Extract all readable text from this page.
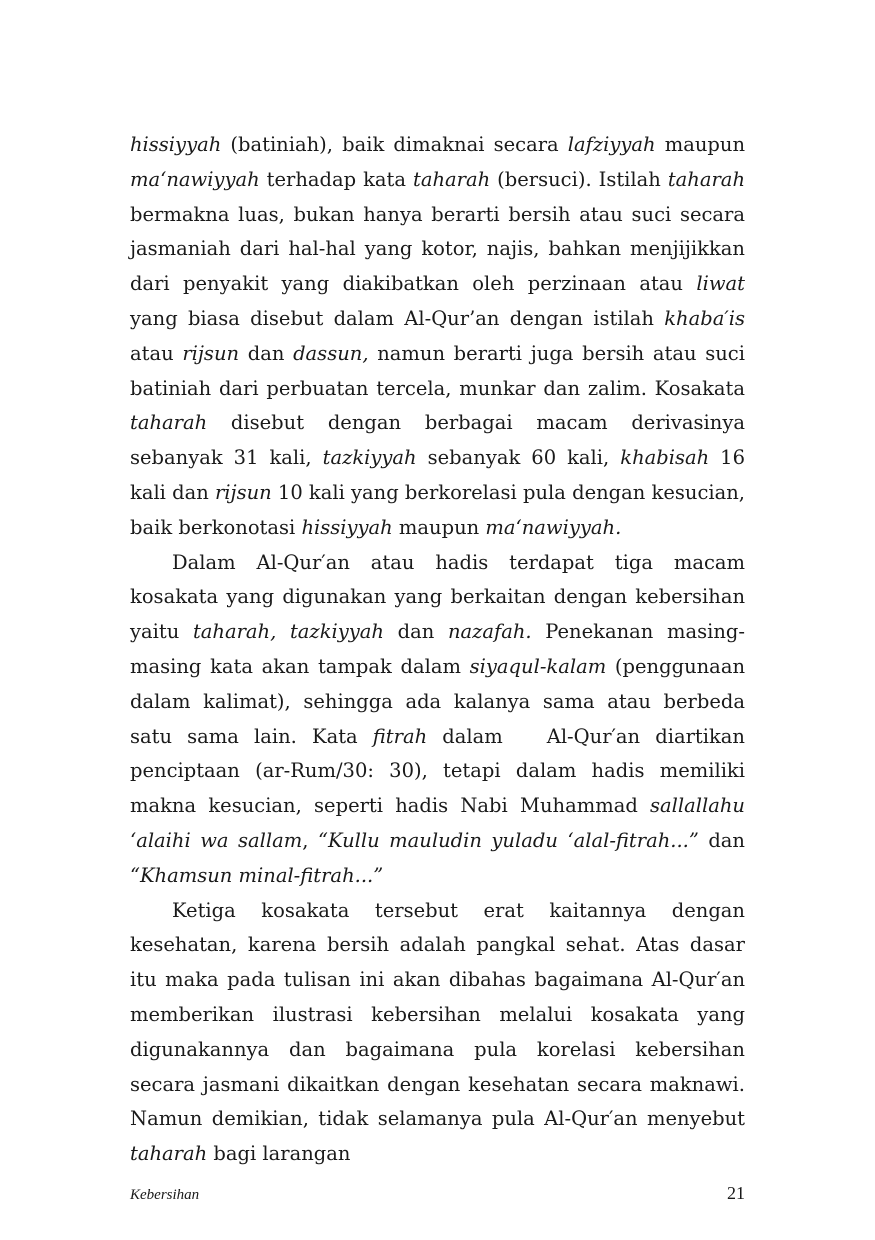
hissiyyah (batiniah), baik dimaknai secara lafziyyah maupun ma‘nawiyyah terhadap kata taharah (bersuci). Istilah taharah bermakna luas, bukan hanya berarti bersih atau suci secara jasmaniah dari hal-hal yang kotor, najis, bahkan menjijikkan dari penyakit yang diakibatkan oleh perzinaan atau liwat yang biasa disebut dalam Al-Qur’an dengan istilah khaba′is atau rijsun dan dassun, namun berarti juga bersih atau suci batiniah dari perbuatan tercela, munkar dan zalim. Kosakata taharah disebut dengan berbagai macam derivasinya sebanyak 31 kali, tazkiyyah sebanyak 60 kali, khabisah 16 kali dan rijsun 10 kali yang berkorelasi pula dengan kesucian, baik berkonotasi hissiyyah maupun ma‘nawiyyah.

Dalam Al-Qur′an atau hadis terdapat tiga macam kosakata yang digunakan yang berkaitan dengan kebersihan yaitu taharah, tazkiyyah dan nazafah. Penekanan masing-masing kata akan tampak dalam siyaqul-kalam (penggunaan dalam kalimat), sehingga ada kalanya sama atau berbeda satu sama lain. Kata fitrah dalam Al-Qur′an diartikan penciptaan (ar-Rum/30: 30), tetapi dalam hadis memiliki makna kesucian, seperti hadis Nabi Muhammad sallallahu ‘alaihi wa sallam, “Kullu mauludin yuladu ‘alal-fitrah...” dan “Khamsun minal-fitrah...”

Ketiga kosakata tersebut erat kaitannya dengan kesehatan, karena bersih adalah pangkal sehat. Atas dasar itu maka pada tulisan ini akan dibahas bagaimana Al-Qur′an memberikan ilustrasi kebersihan melalui kosakata yang digunakannya dan bagaimana pula korelasi kebersihan secara jasmani dikaitkan dengan kesehatan secara maknawi. Namun demikian, tidak selamanya pula Al-Qur′an menyebut taharah bagi larangan

Kebersihan	21
